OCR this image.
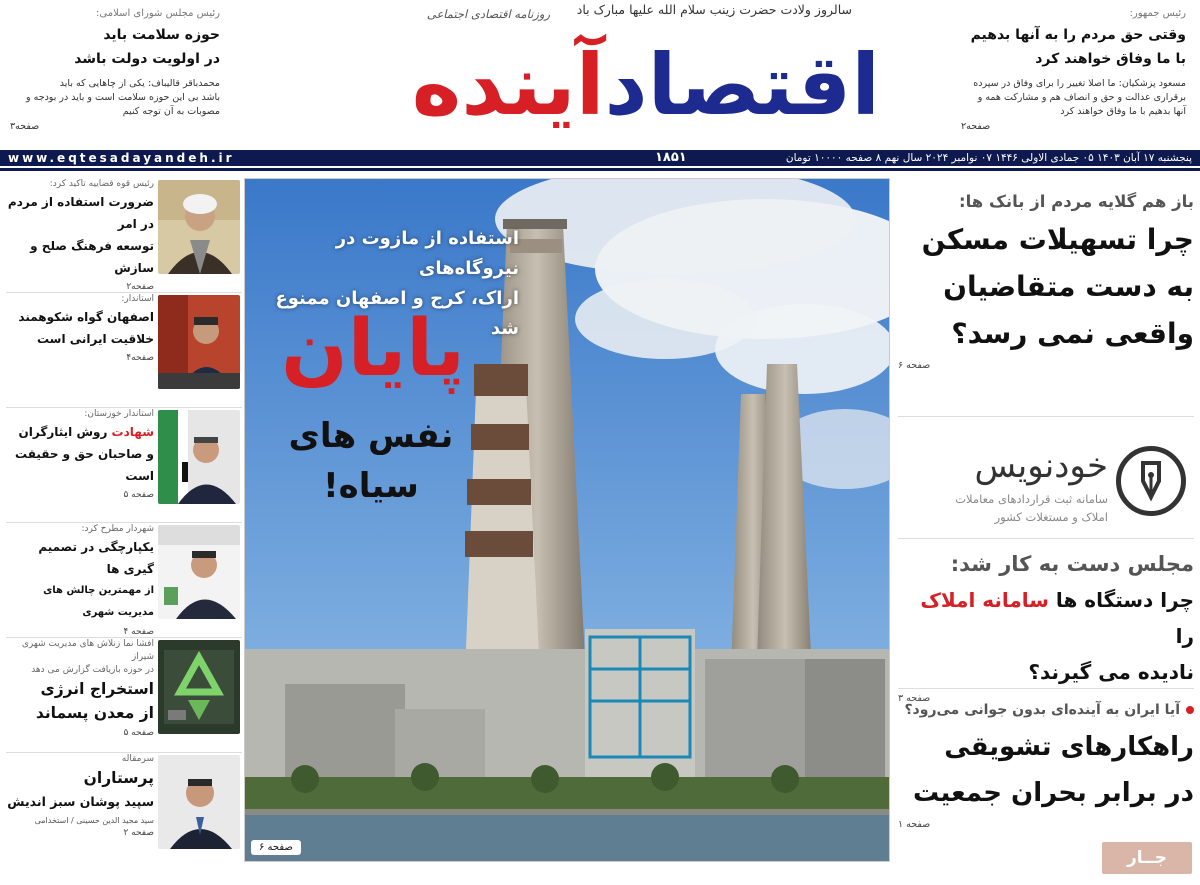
رئیس مجلس شورای اسلامی:
حوزه سلامت باید
در اولویت دولت باشد
محمدباقر قالیباف: یکی از چاهایی که باید
باشد بی این حوزه سلامت است و باید در بودجه و
مصوبات به آن توجه کنیم
صفحه۳
سالروز ولادت حضرت زینب سلام الله علیها مبارک باد
روزنامه اقتصادی اجتماعی
اقتصادآینده
رئیس جمهور:
وقتی حق مردم را به آنها بدهیم
با ما وفاق خواهند کرد
مسعود پزشکیان: ما اصلا تغییر را برای وفاق در سپرده
برقراری عدالت و حق و انصاف هم و مشارکت همه و
آنها بدهیم با ما وفاق خواهند کرد
صفحه۲
www.eqtesadayandeh.ir	۱۸۵۱	پنجشنبه ۱۷ آبان ۱۴۰۳ ۰۵ جمادی الاولی ۱۴۴۶ ۰۷ نوامبر ۲۰۲۴ سال نهم ۸ صفحه ۱۰۰۰۰ تومان
رئیس قوه قضاییه تاکید کرد:
ضرورت استفاده از مردم در امر
توسعه فرهنگ صلح و سازش
صفحه۲
استاندار:
اصفهان گواه شکوهمند
خلاقیت ایرانی است
صفحه۴
استاندار خوزستان:
شهادت روش ایثارگران
و صاحبان حق و حقیقت است
صفحه ۵
شهردار مطرح کرد:
یکپارچگی در تصمیم گیری ها
از مهمترین چالش های مدیریت شهری
صفحه ۴
افشا نما زنلاش های مدیریت شهری شیراز
در حوزه بازیافت گزارش می دهد
استخراج انرژی
از معدن پسماند
صفحه ۵
سرمقاله
پرستاران
سپید پوشان سبز اندیش
سید مجید الدین حسینی / استخدامی
صفحه ۲
استفاده از مازوت در نیروگاه‌های
اراک، کرج و اصفهان ممنوع شد
پایان
نفس های سیاه!
صفحه ۶
باز هم گلایه مردم از بانک ها:
چرا تسهیلات مسکن
به دست متقاضیان
واقعی نمی رسد؟
صفحه ۶
خودنویس
سامانه ثبت قراردادهای معاملات
املاک و مستغلات کشور
مجلس دست به کار شد:
چرا دستگاه ها سامانه املاک را
نادیده می گیرند؟
صفحه ۳
آیا ایران به آینده‌ای بدون جوانی می‌رود؟
راهکارهای تشویقی
در برابر بحران جمعیت
صفحه ۱
جــار
